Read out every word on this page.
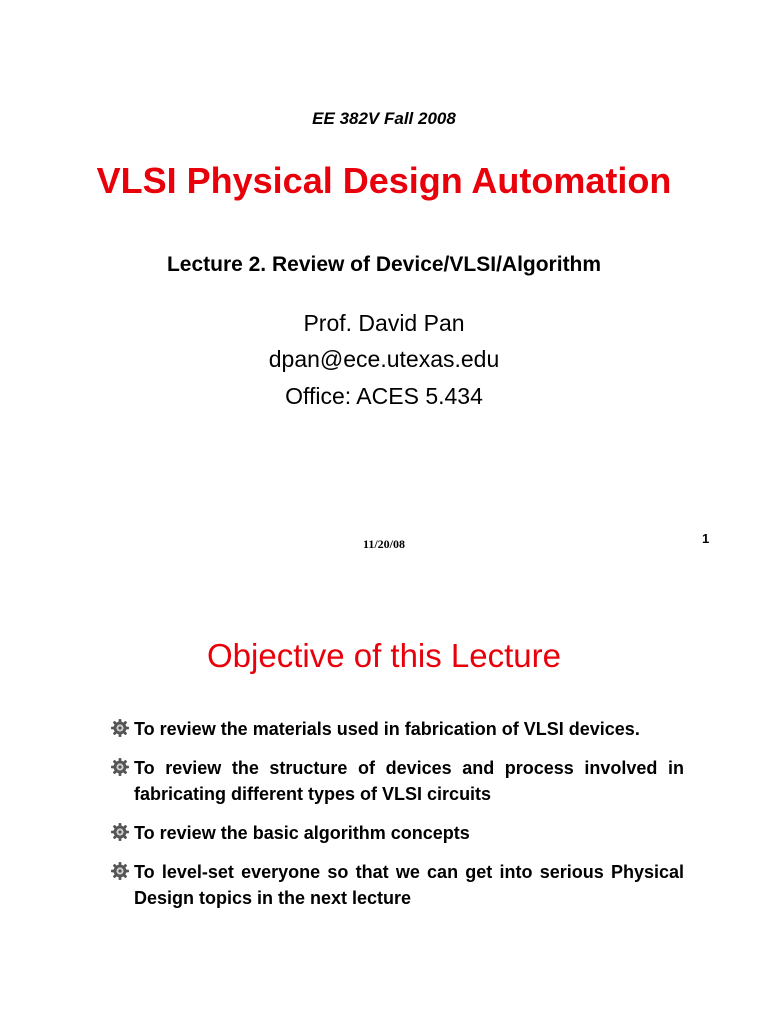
EE 382V Fall 2008

VLSI Physical Design Automation

Lecture 2. Review of Device/VLSI/Algorithm

Prof. David Pan

dpan@ece.utexas.edu

Office: ACES 5.434

11/20/08	1

Objective of this Lecture

To review the materials used in fabrication of VLSI devices.
To review the structure of devices and process involved in fabricating different types of VLSI circuits
To review the basic algorithm concepts
To level-set everyone so that we can get into serious Physical Design topics in the next lecture
